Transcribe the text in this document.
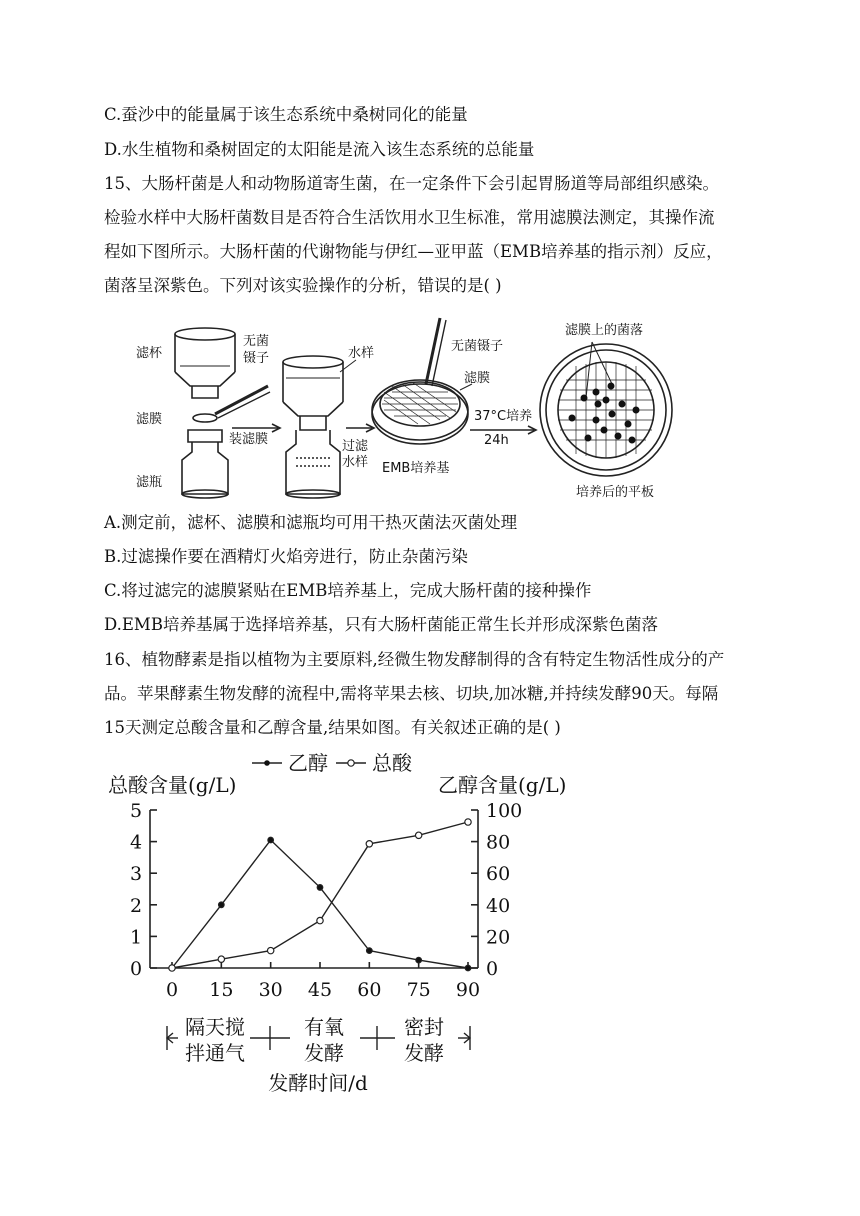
C.蚕沙中的能量属于该生态系统中桑树同化的能量
D.水生植物和桑树固定的太阳能是流入该生态系统的总能量
15、大肠杆菌是人和动物肠道寄生菌，在一定条件下会引起胃肠道等局部组织感染。
检验水样中大肠杆菌数目是否符合生活饮用水卫生标准，常用滤膜法测定，其操作流
程如下图所示。大肠杆菌的代谢物能与伊红—亚甲蓝（EMB培养基的指示剂）反应，
菌落呈深紫色。下列对该实验操作的分析，错误的是( )
滤杯
无菌
镊子
滤膜
装滤膜
滤瓶
水样
过滤
水样
无菌镊子
滤膜
EMB培养基
37°C培养
24h
滤膜上的菌落
培养后的平板
A.测定前，滤杯、滤膜和滤瓶均可用干热灭菌法灭菌处理
B.过滤操作要在酒精灯火焰旁进行，防止杂菌污染
C.将过滤完的滤膜紧贴在EMB培养基上，完成大肠杆菌的接种操作
D.EMB培养基属于选择培养基，只有大肠杆菌能正常生长并形成深紫色菌落
16、植物酵素是指以植物为主要原料,经微生物发酵制得的含有特定生物活性成分的产
品。苹果酵素生物发酵的流程中,需将苹果去核、切块,加冰糖,并持续发酵90天。每隔
15天测定总酸含量和乙醇含量,结果如图。有关叙述正确的是( )
0
1
2
3
4
5
0
20
40
60
80
100
0 15 30 45 60 75 90
总酸含量(g/L)	乙醇含量(g/L)
乙醇 总酸
隔天搅
拌通气
有氧
发酵
密封
发酵
发酵时间/d
